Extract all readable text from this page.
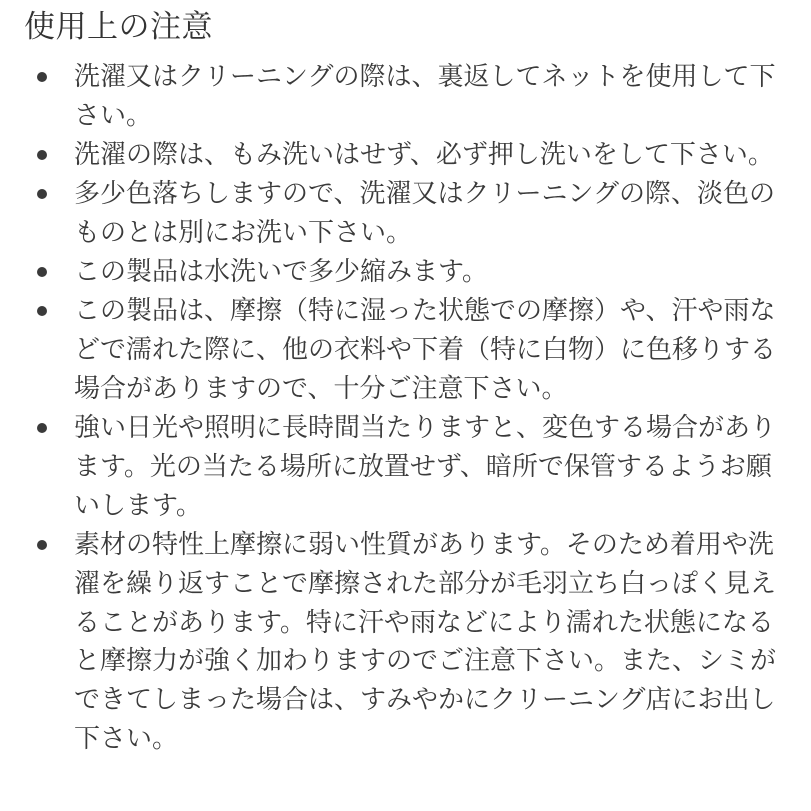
使用上の注意
洗濯又はクリーニングの際は、裏返してネットを使用して下さい。
洗濯の際は、もみ洗いはせず、必ず押し洗いをして下さい。
多少色落ちしますので、洗濯又はクリーニングの際、淡色のものとは別にお洗い下さい。
この製品は水洗いで多少縮みます。
この製品は、摩擦（特に湿った状態での摩擦）や、汗や雨などで濡れた際に、他の衣料や下着（特に白物）に色移りする場合がありますので、十分ご注意下さい。
強い日光や照明に長時間当たりますと、変色する場合があります。光の当たる場所に放置せず、暗所で保管するようお願いします。
素材の特性上摩擦に弱い性質があります。そのため着用や洗濯を繰り返すことで摩擦された部分が毛羽立ち白っぽく見えることがあります。特に汗や雨などにより濡れた状態になると摩擦力が強く加わりますのでご注意下さい。また、シミができてしまった場合は、すみやかにクリーニング店にお出し下さい。
